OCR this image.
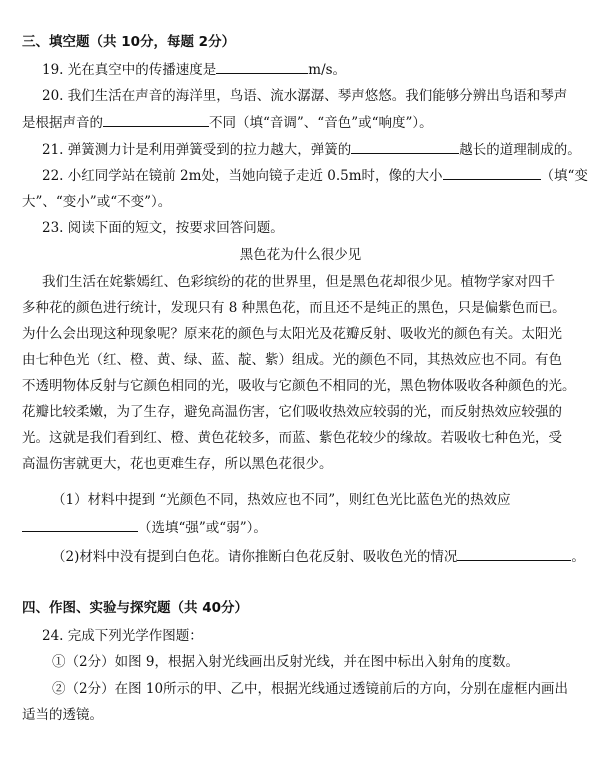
三、填空题（共 10分，每题 2分）
19. 光在真空中的传播速度是	m/s。
20. 我们生活在声音的海洋里，鸟语、流水潺潺、琴声悠悠。我们能够分辨出鸟语和琴声
是根据声音的	不同（填“音调”、“音色”或“响度”）。
21. 弹簧测力计是利用弹簧受到的拉力越大，弹簧的	越长的道理制成的。
22. 小红同学站在镜前 2m处，当她向镜子走近 0.5m时，像的大小	（填“变
大”、“变小”或“不变”）。
23. 阅读下面的短文，按要求回答问题。
黑色花为什么很少见
我们生活在姹紫嫣红、色彩缤纷的花的世界里，但是黑色花却很少见。植物学家对四千
多种花的颜色进行统计，发现只有 8 种黑色花，而且还不是纯正的黑色，只是偏紫色而已。
为什么会出现这种现象呢？原来花的颜色与太阳光及花瓣反射、吸收光的颜色有关。太阳光
由七种色光（红、橙、黄、绿、蓝、靛、紫）组成。光的颜色不同，其热效应也不同。有色
不透明物体反射与它颜色相同的光，吸收与它颜色不相同的光，黑色物体吸收各种颜色的光。
花瓣比较柔嫩，为了生存，避免高温伤害，它们吸收热效应较弱的光，而反射热效应较强的
光。这就是我们看到红、橙、黄色花较多，而蓝、紫色花较少的缘故。若吸收七种色光，受
高温伤害就更大，花也更难生存，所以黑色花很少。
（1）材料中提到 “光颜色不同，热效应也不同”，则红色光比蓝色光的热效应
（选填“强”或“弱”）。
（2)材料中没有提到白色花。请你推断白色花反射、吸收色光的情况	。
四、作图、实验与探究题（共 40分）
24. 完成下列光学作图题：
①（2分）如图 9，根据入射光线画出反射光线，并在图中标出入射角的度数。
②（2分）在图 10所示的甲、乙中，根据光线通过透镜前后的方向，分别在虚框内画出
适当的透镜。
